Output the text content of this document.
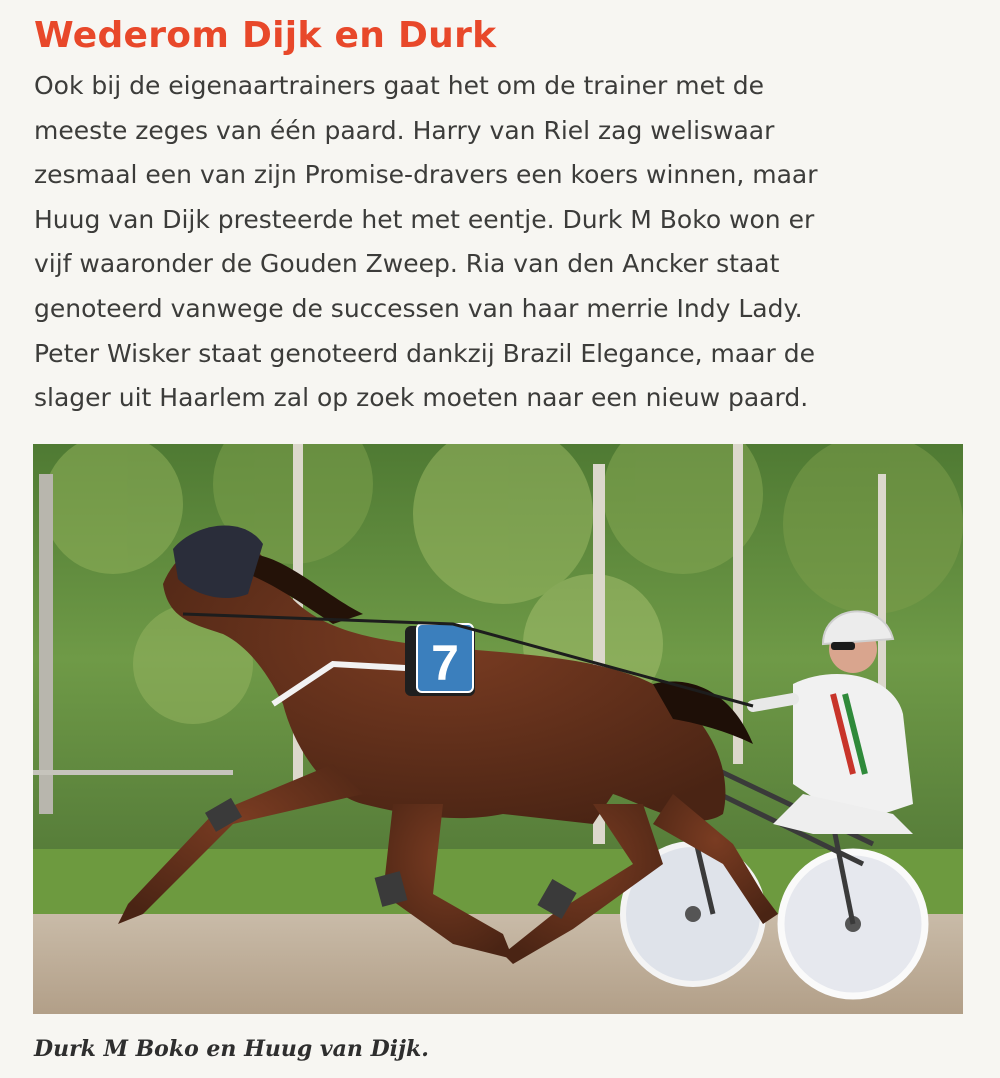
Wederom Dijk en Durk
Ook bij de eigenaartrainers gaat het om de trainer met de
meeste zeges van één paard. Harry van Riel zag weliswaar
zesmaal een van zijn Promise-dravers een koers winnen, maar
Huug van Dijk presteerde het met eentje. Durk M Boko won er
vijf waaronder de Gouden Zweep. Ria van den Ancker staat
genoteerd vanwege de successen van haar merrie Indy Lady.
Peter Wisker staat genoteerd dankzij Brazil Elegance, maar de
slager uit Haarlem zal op zoek moeten naar een nieuw paard.
7

Durk M Boko en Huug van Dijk.
